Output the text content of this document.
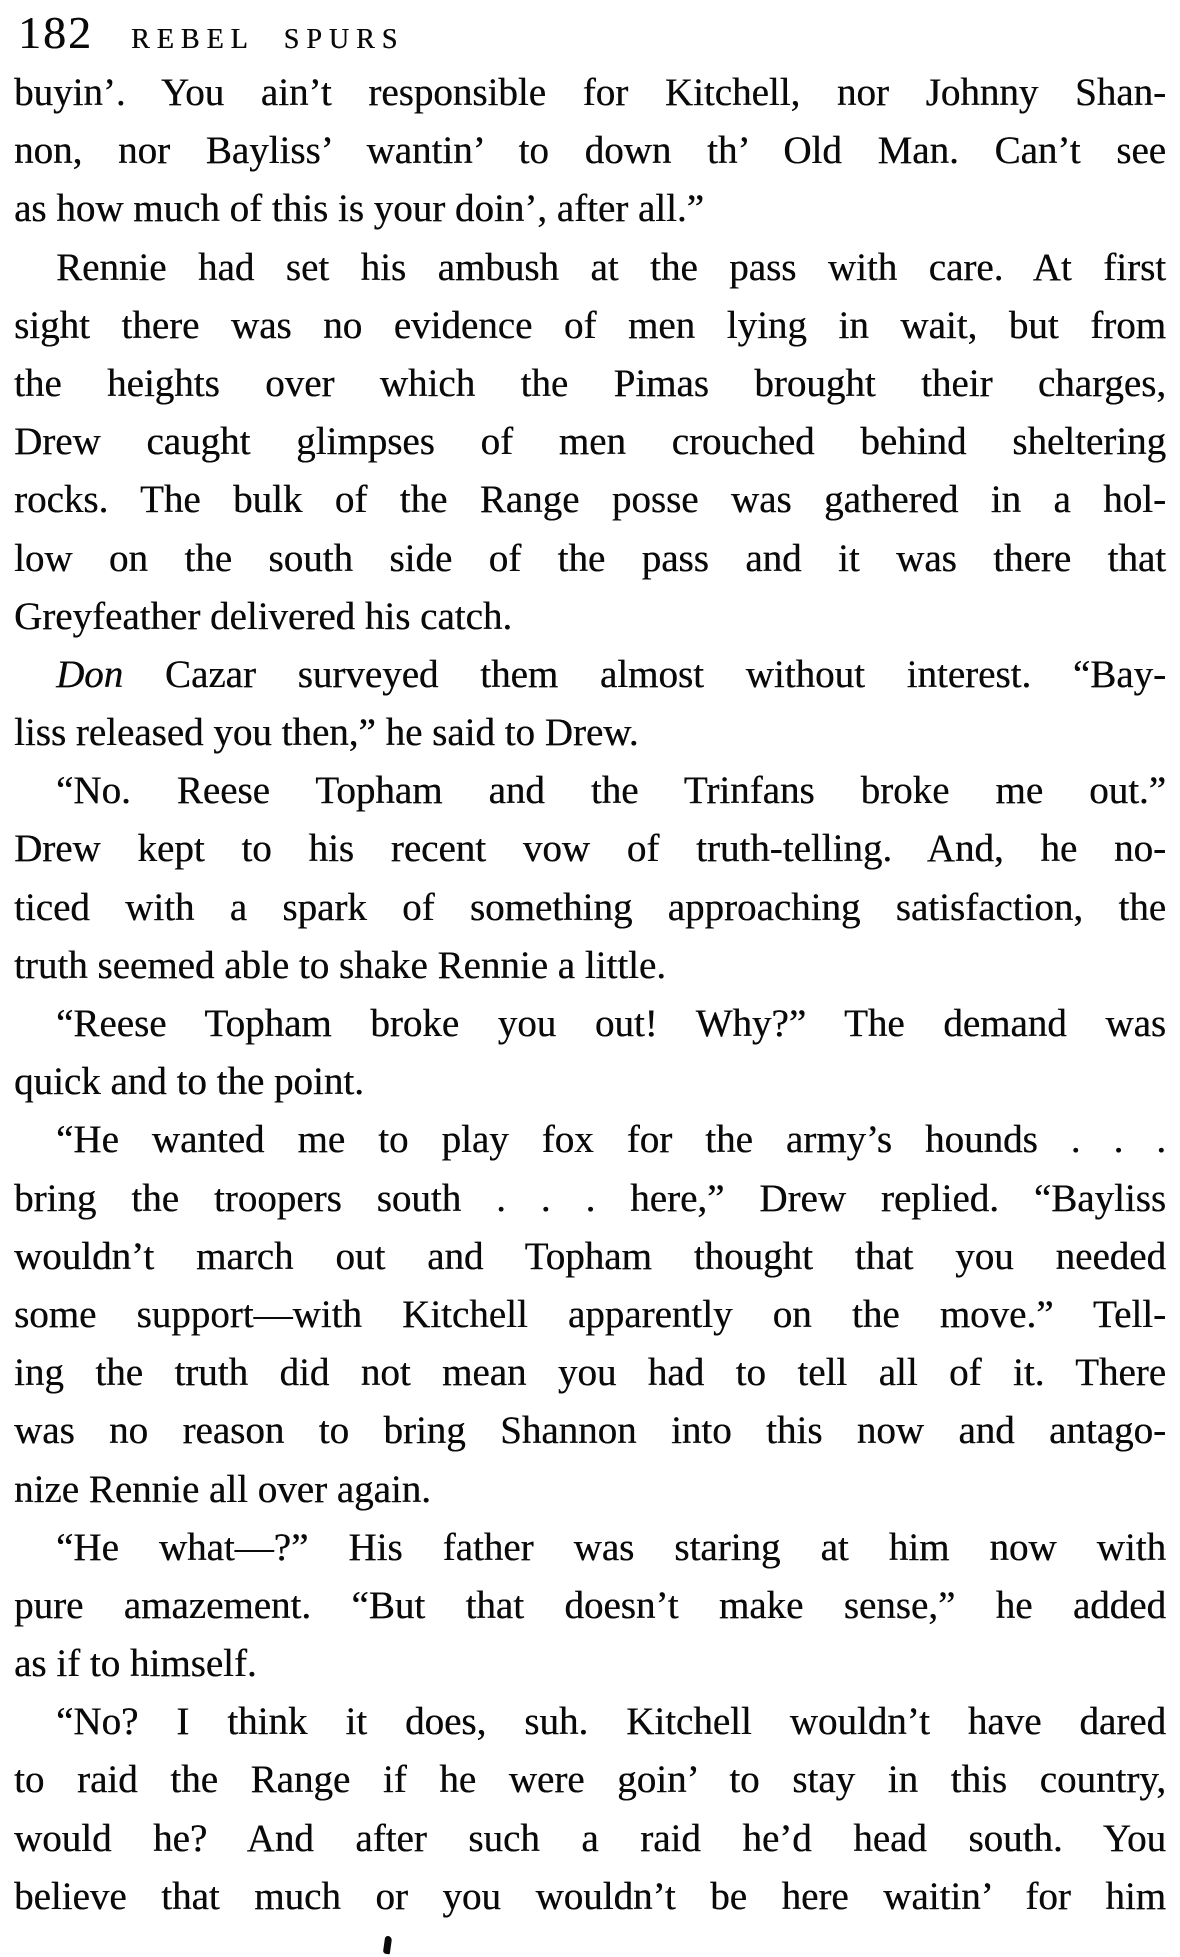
182 REBEL SPURS
buyin’. You ain’t responsible for Kitchell, nor Johnny Shan-
non, nor Bayliss’ wantin’ to down th’ Old Man. Can’t see
as how much of this is your doin’, after all.”
Rennie had set his ambush at the pass with care. At first
sight there was no evidence of men lying in wait, but from
the heights over which the Pimas brought their charges,
Drew caught glimpses of men crouched behind sheltering
rocks. The bulk of the Range posse was gathered in a hol-
low on the south side of the pass and it was there that
Greyfeather delivered his catch.
Don Cazar surveyed them almost without interest. “Bay-
liss released you then,” he said to Drew.
“No. Reese Topham and the Trinfans broke me out.”
Drew kept to his recent vow of truth-telling. And, he no-
ticed with a spark of something approaching satisfaction, the
truth seemed able to shake Rennie a little.
“Reese Topham broke you out! Why?” The demand was
quick and to the point.
“He wanted me to play fox for the army’s hounds . . .
bring the troopers south . . . here,” Drew replied. “Bayliss
wouldn’t march out and Topham thought that you needed
some support—with Kitchell apparently on the move.” Tell-
ing the truth did not mean you had to tell all of it. There
was no reason to bring Shannon into this now and antago-
nize Rennie all over again.
“He what—?” His father was staring at him now with
pure amazement. “But that doesn’t make sense,” he added
as if to himself.
“No? I think it does, suh. Kitchell wouldn’t have dared
to raid the Range if he were goin’ to stay in this country,
would he? And after such a raid he’d head south. You
believe that much or you wouldn’t be here waitin’ for him
